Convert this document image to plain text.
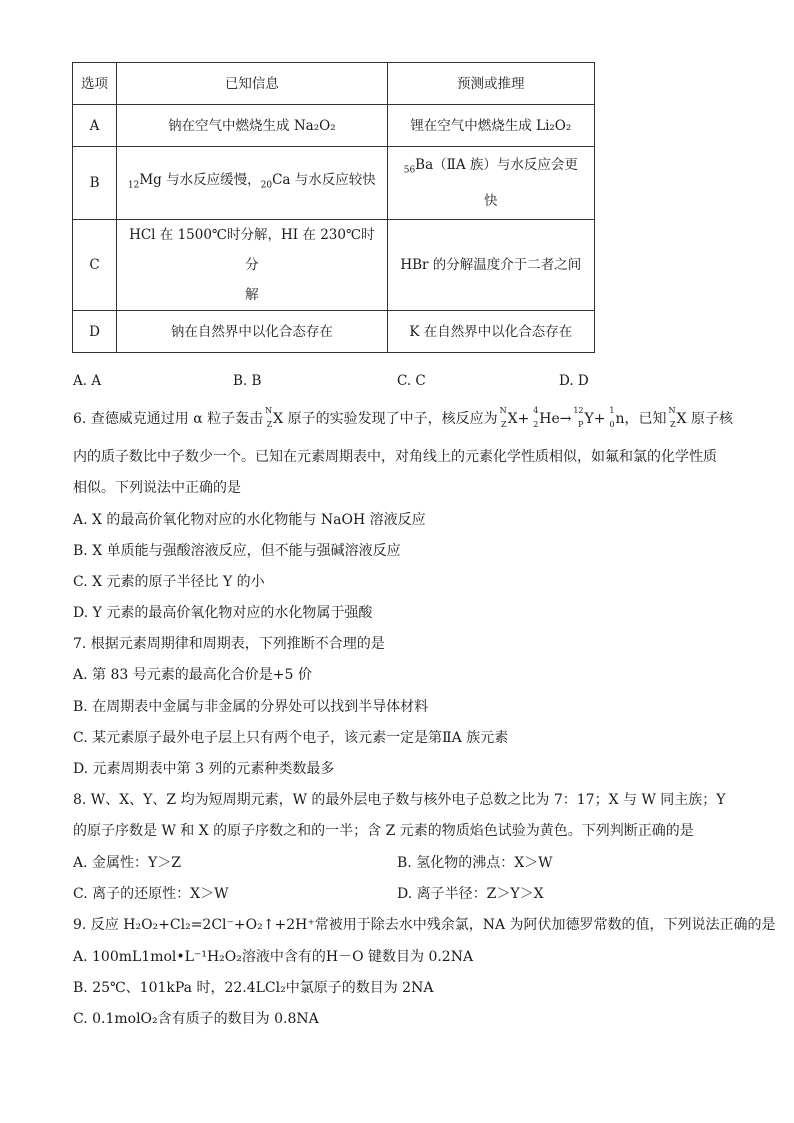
选项	已知信息	预测或推理
A	钠在空气中燃烧生成 Na₂O₂	锂在空气中燃烧生成 Li₂O₂
B	$_{12}$Mg 与水反应缓慢，$_{20}$Ca 与水反应较快	$_{56}$Ba（ⅡA 族）与水反应会更
快
C	HCl 在 1500℃时分解，HI 在 230℃时分
解	HBr 的分解温度介于二者之间
D	钠在自然界中以化合态存在	K 在自然界中以化合态存在
A. A	B. B	C. C	D. D
6. 查德威克通过用 α 粒子轰击
N
Z X 原子的实验发现了中子，核反应为
N
Z X+
4
2 He→
12
P Y+
1
0 n，已知
N
Z X 原子核
内的质子数比中子数少一个。已知在元素周期表中，对角线上的元素化学性质相似，如氟和氯的化学性质
相似。下列说法中正确的是
A. X 的最高价氧化物对应的水化物能与 NaOH 溶液反应
B. X 单质能与强酸溶液反应，但不能与强碱溶液反应
C. X 元素的原子半径比 Y 的小
D. Y 元素的最高价氧化物对应的水化物属于强酸
7. 根据元素周期律和周期表，下列推断不合理的是
A. 第 83 号元素的最高化合价是+5 价
B. 在周期表中金属与非金属的分界处可以找到半导体材料
C. 某元素原子最外电子层上只有两个电子，该元素一定是第ⅡA 族元素
D. 元素周期表中第 3 列的元素种类数最多
8. W、X、Y、Z 均为短周期元素，W 的最外层电子数与核外电子总数之比为 7：17；X 与 W 同主族；Y
的原子序数是 W 和 X 的原子序数之和的一半；含 Z 元素的物质焰色试验为黄色。下列判断正确的是
A. 金属性：Y＞Z	B. 氢化物的沸点：X＞W
C. 离子的还原性：X＞W	D. 离子半径：Z＞Y＞X
9. 反应 H₂O₂+Cl₂=2Cl⁻+O₂↑+2H⁺常被用于除去水中残余氯，NA 为阿伏加德罗常数的值，下列说法正确的是
A. 100mL1mol•L⁻¹H₂O₂溶液中含有的H－O 键数目为 0.2NA
B. 25℃、101kPa 时，22.4LCl₂中氯原子的数目为 2NA
C. 0.1molO₂含有质子的数目为 0.8NA
